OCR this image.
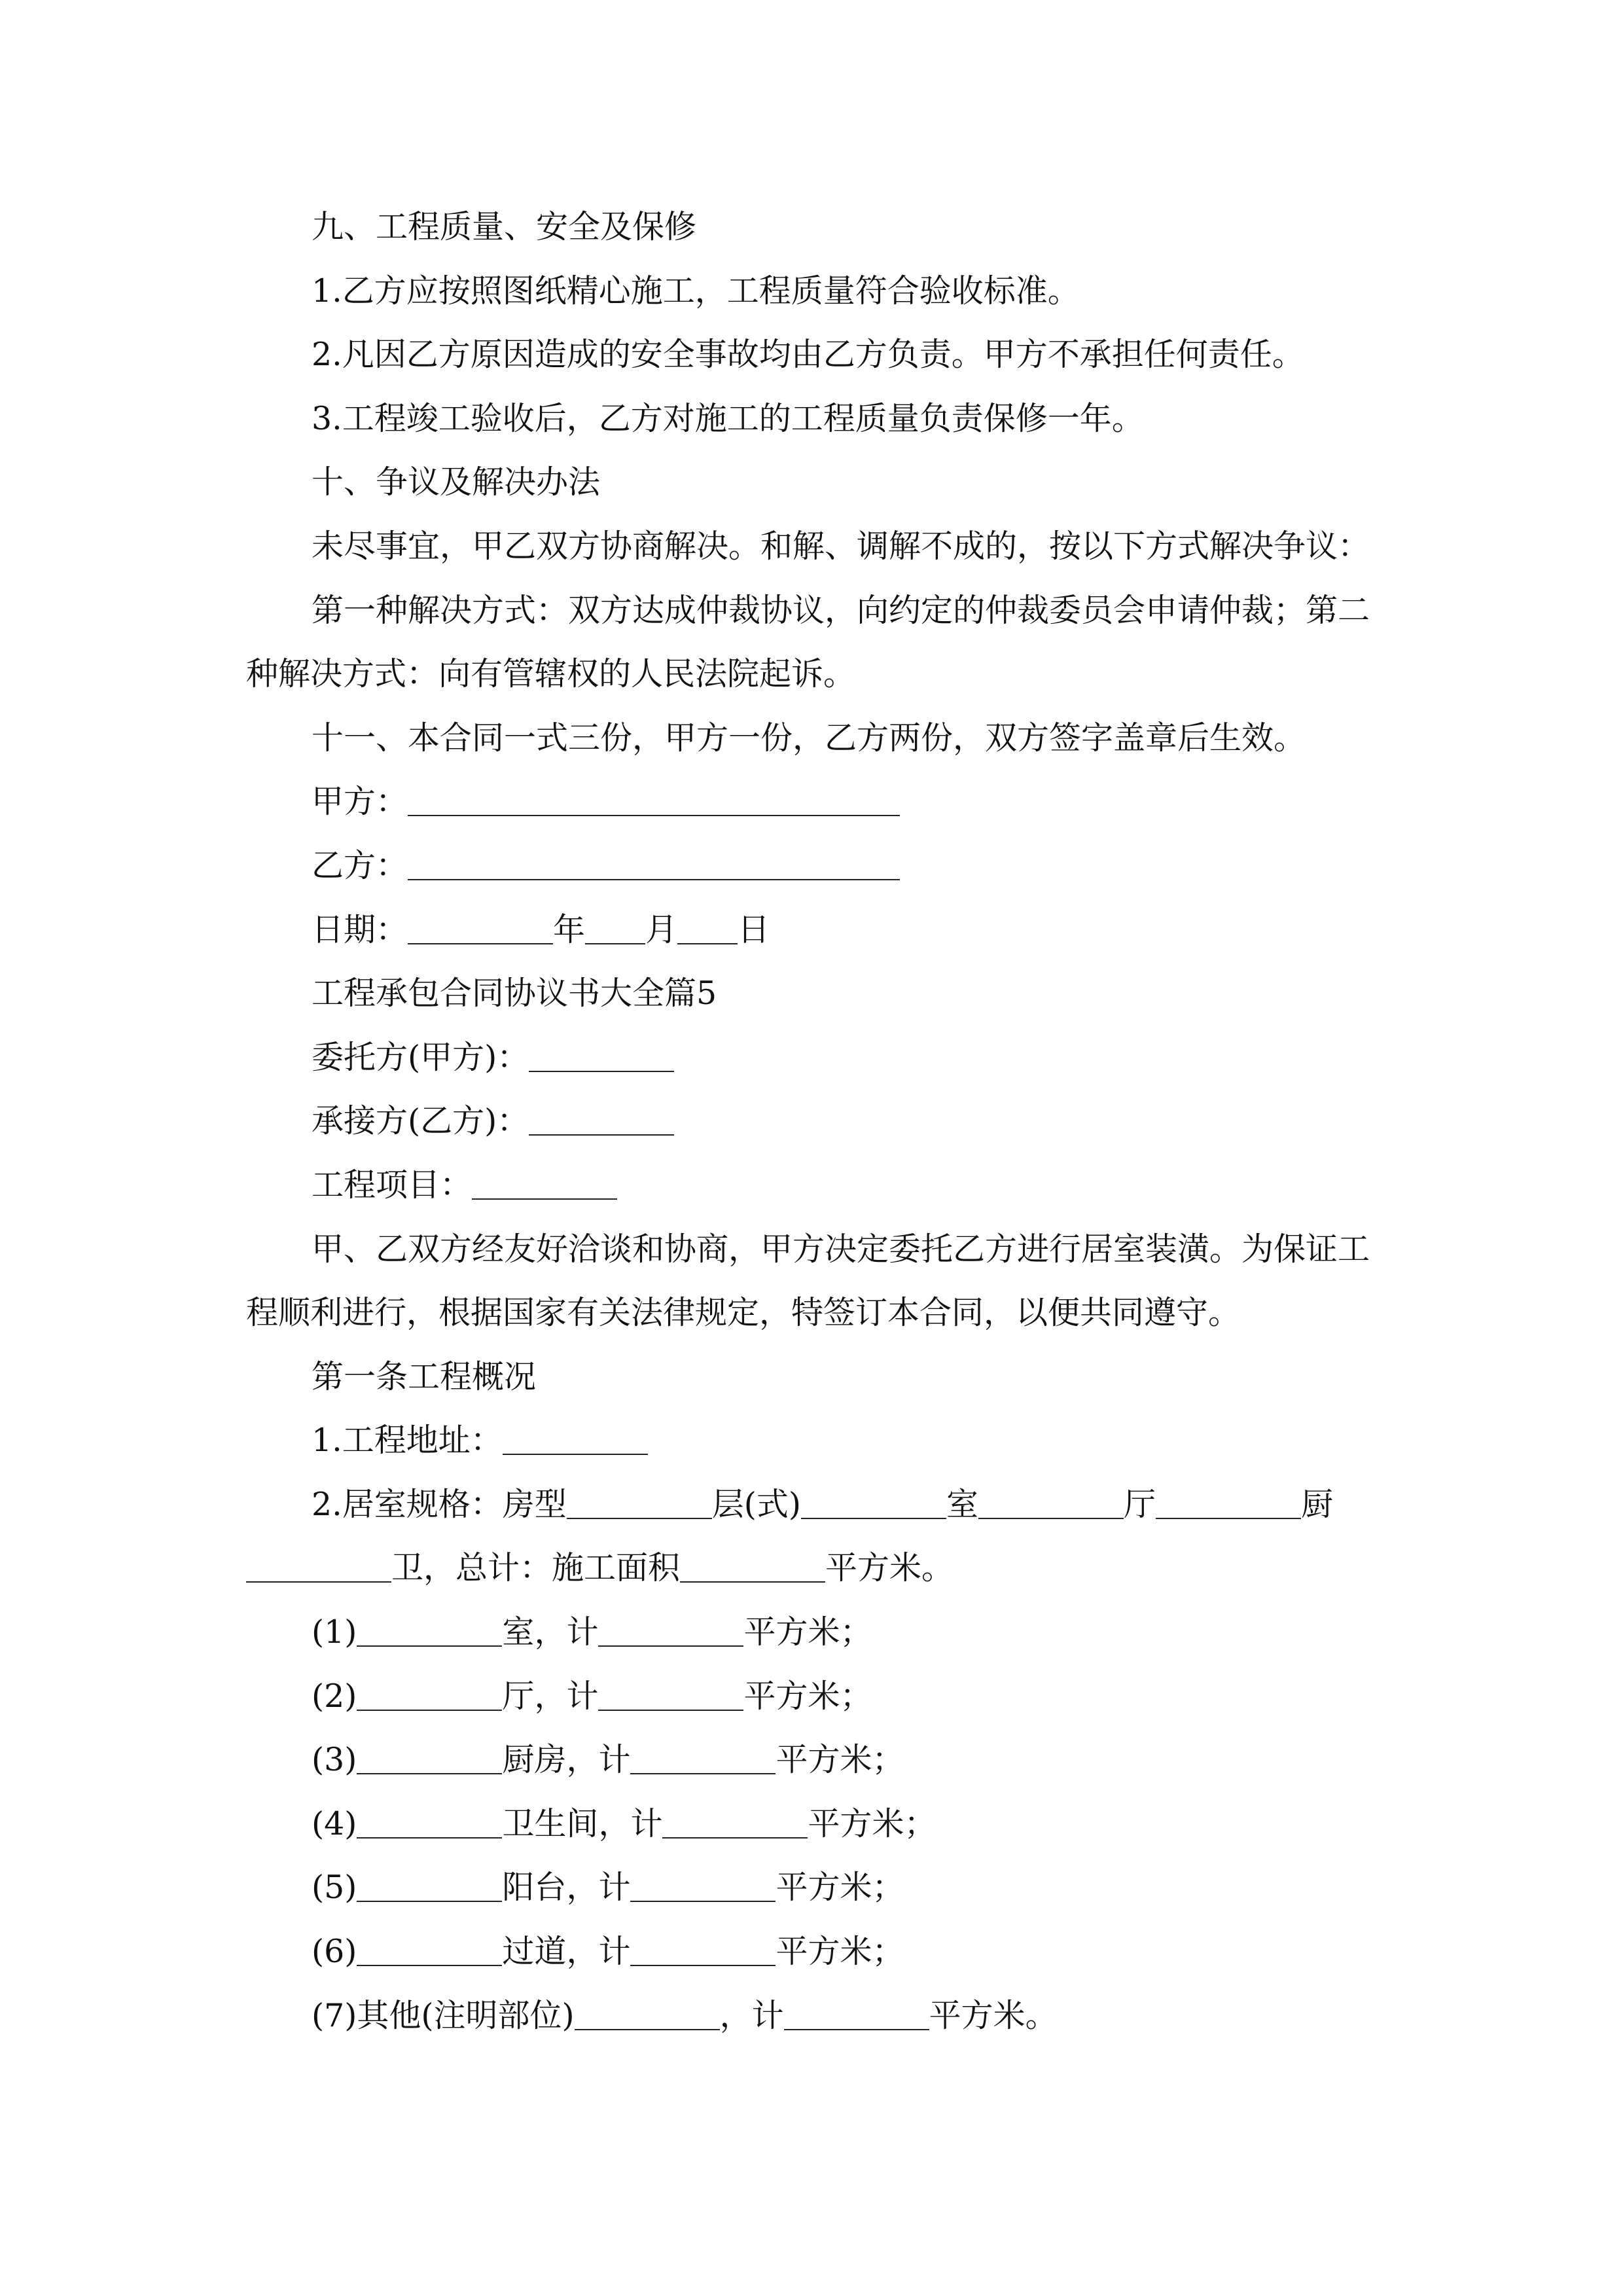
九、工程质量、安全及保修
1.乙方应按照图纸精心施工，工程质量符合验收标准。
2.凡因乙方原因造成的安全事故均由乙方负责。甲方不承担任何责任。
3.工程竣工验收后，乙方对施工的工程质量负责保修一年。
十、争议及解决办法
未尽事宜，甲乙双方协商解决。和解、调解不成的，按以下方式解决争议：
第一种解决方式：双方达成仲裁协议，向约定的仲裁委员会申请仲裁；第二
种解决方式：向有管辖权的人民法院起诉。
十一、本合同一式三份，甲方一份，乙方两份，双方签字盖章后生效。
甲方：
乙方：
日期：	年 月 日
工程承包合同协议书大全篇5
委托方(甲方)：
承接方(乙方)：
工程项目：
甲、乙双方经友好洽谈和协商，甲方决定委托乙方进行居室装潢。为保证工
程顺利进行，根据国家有关法律规定，特签订本合同，以便共同遵守。
第一条工程概况
1.工程地址：
2.居室规格：房型	层(式)	室	厅	厨
卫，总计：施工面积	平方米。
(1)	室，计	平方米；
(2)	厅，计	平方米；
(3)	厨房，计	平方米；
(4)	卫生间，计	平方米；
(5)	阳台，计	平方米；
(6)	过道，计	平方米；
(7)其他(注明部位)	，计	平方米。
